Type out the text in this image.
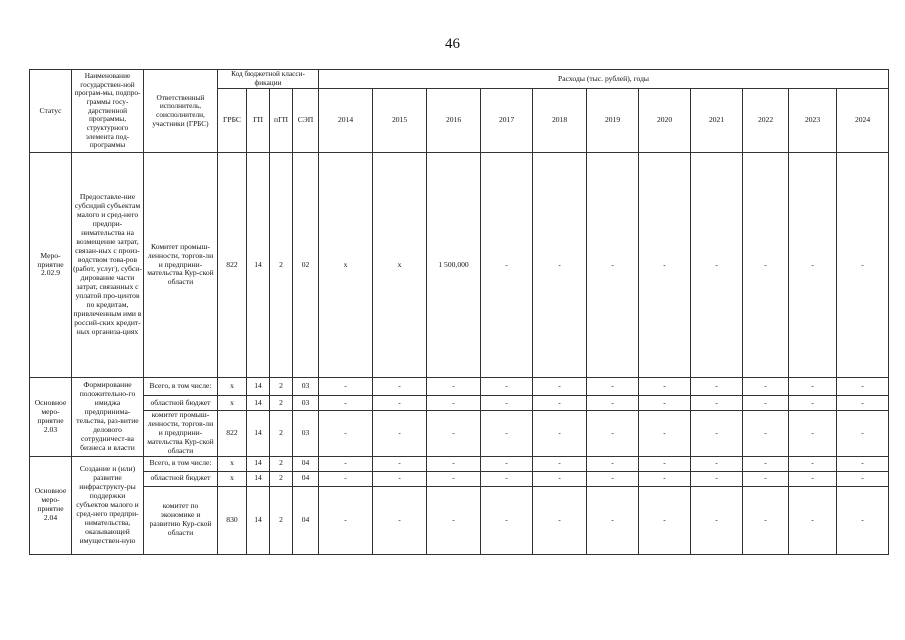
46
Статус	Наименование государствен-ной програм-мы, подпро-граммы госу-дарственной программы, структурного элемента под-программы	Ответственный исполнитель, соисполнители, участники (ГРБС)	Код бюджетной класси-фикации				Расходы (тыс. рублей), годы										
			ГРБС	ГП	пГП	СЭП	2014	2015	2016	2017	2018	2019	2020	2021	2022	2023	2024
Меро-приятие 2.02.9	Предоставле-ние субсидий субъектам малого и сред-него предпри-нимательства на возмещение затрат, связан-ных с произ-водством това-ров (работ, услуг), субси-дирование части затрат, связанных с уплатой про-центов по кредитам, привлеченным ими в россий-ских кредит-ных организа-циях	Комитет промыш-ленности, торгов-ли и предприни-мательства Кур-ской области	822	14	2	02	х	х	1 500,000	-	-	-	-	-	-	-	-
Основное меро-приятие 2.03	Формирование положительно-го имиджа предпринима-тельства, раз-витие делового сотрудничест-ва бизнеса и власти	Всего, в том числе:	х	14	2	03	-	-	-	-	-	-	-	-	-	-	-
		областной бюджет	х	14	2	03	-	-	-	-	-	-	-	-	-	-	-
		комитет промыш-ленности, торгов-ли и предприни-мательства Кур-ской области	822	14	2	03	-	-	-	-	-	-	-	-	-	-	-
Основное меро-приятие 2.04	Создание и (или) развитие инфраструкту-ры поддержки субъектов малого и сред-него предпри-нимательства, оказывающей имуществен-ную	Всего, в том числе:	х	14	2	04	-	-	-	-	-	-	-	-	-	-	-
		областной бюджет	х	14	2	04	-	-	-	-	-	-	-	-	-	-	-
		комитет по экономике и развитию Кур-ской области	830	14	2	04	-	-	-	-	-	-	-	-	-	-	-
